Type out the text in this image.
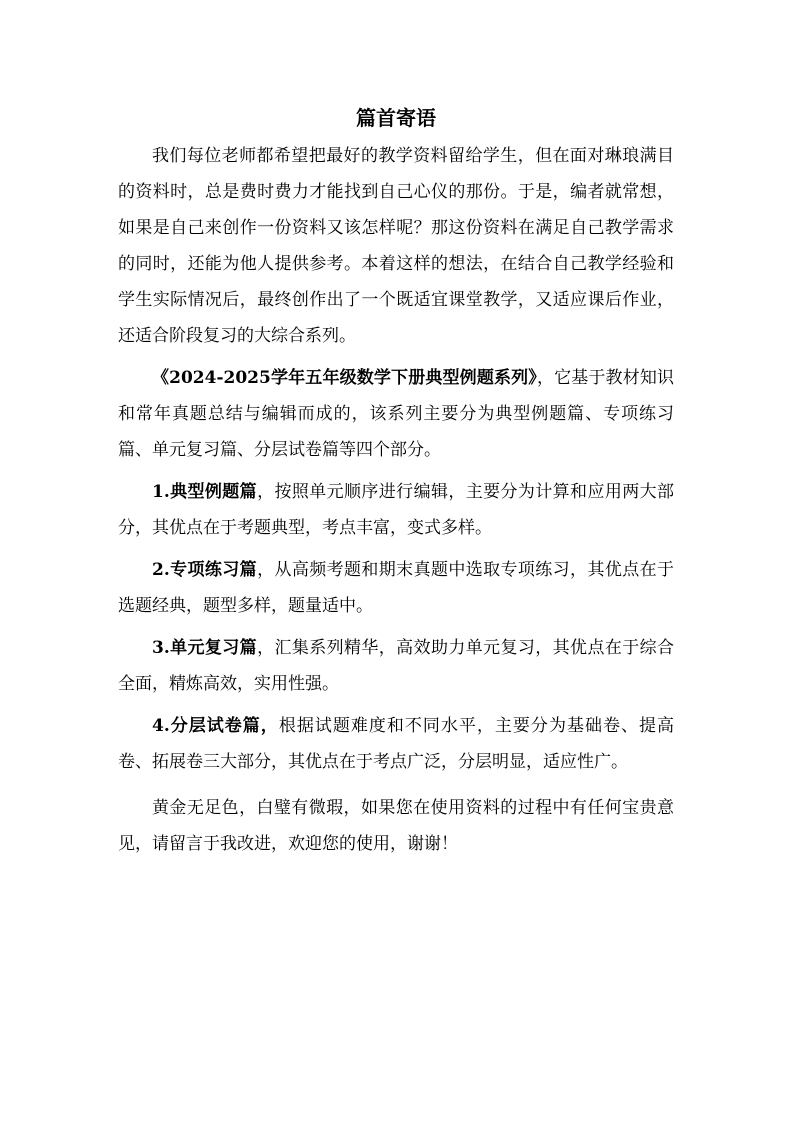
篇首寄语

我们每位老师都希望把最好的教学资料留给学生，但在面对琳琅满目的资料时，总是费时费力才能找到自己心仪的那份。于是，编者就常想，如果是自己来创作一份资料又该怎样呢？那这份资料在满足自己教学需求的同时，还能为他人提供参考。本着这样的想法，在结合自己教学经验和学生实际情况后，最终创作出了一个既适宜课堂教学，又适应课后作业，还适合阶段复习的大综合系列。

《2024-2025学年五年级数学下册典型例题系列》，它基于教材知识和常年真题总结与编辑而成的，该系列主要分为典型例题篇、专项练习篇、单元复习篇、分层试卷篇等四个部分。

1.典型例题篇，按照单元顺序进行编辑，主要分为计算和应用两大部分，其优点在于考题典型，考点丰富，变式多样。

2.专项练习篇，从高频考题和期末真题中选取专项练习，其优点在于选题经典，题型多样，题量适中。

3.单元复习篇，汇集系列精华，高效助力单元复习，其优点在于综合全面，精炼高效，实用性强。

4.分层试卷篇，根据试题难度和不同水平，主要分为基础卷、提高卷、拓展卷三大部分，其优点在于考点广泛，分层明显，适应性广。

黄金无足色，白璧有微瑕，如果您在使用资料的过程中有任何宝贵意见，请留言于我改进，欢迎您的使用，谢谢！
